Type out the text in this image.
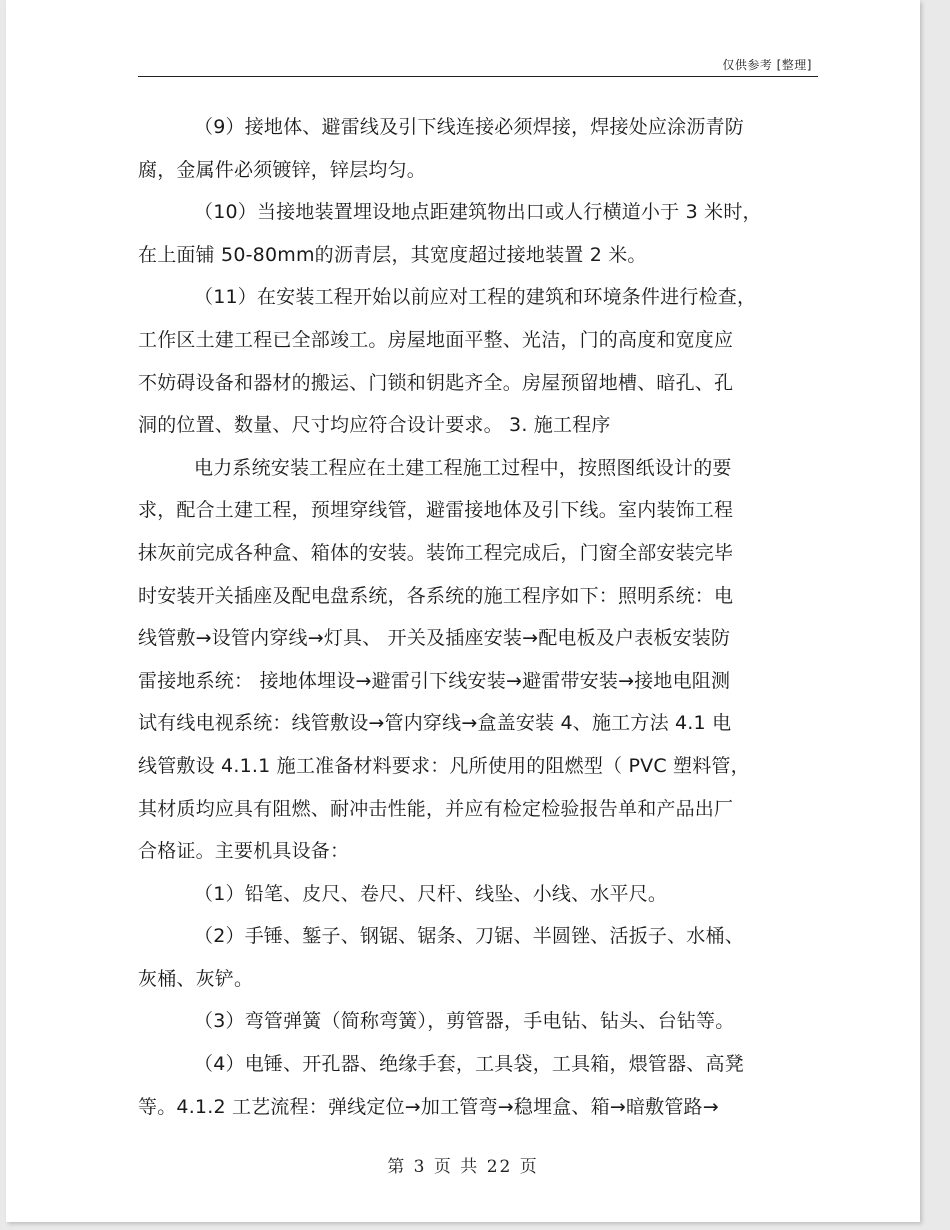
仅供参考 [整理]
（9）接地体、避雷线及引下线连接必须焊接，焊接处应涂沥青防
腐，金属件必须镀锌，锌层均匀。
（10）当接地装置埋设地点距建筑物出口或人行横道小于 3 米时，
在上面铺 50-80mm的沥青层，其宽度超过接地装置 2 米。
（11）在安装工程开始以前应对工程的建筑和环境条件进行检查，
工作区土建工程已全部竣工。房屋地面平整、光洁，门的高度和宽度应
不妨碍设备和器材的搬运、门锁和钥匙齐全。房屋预留地槽、暗孔、孔
洞的位置、数量、尺寸均应符合设计要求。 3. 施工程序
电力系统安装工程应在土建工程施工过程中，按照图纸设计的要
求，配合土建工程，预埋穿线管，避雷接地体及引下线。室内装饰工程
抹灰前完成各种盒、箱体的安装。装饰工程完成后，门窗全部安装完毕
时安装开关插座及配电盘系统，各系统的施工程序如下：照明系统：电
线管敷→设管内穿线→灯具、 开关及插座安装→配电板及户表板安装防
雷接地系统： 接地体埋设→避雷引下线安装→避雷带安装→接地电阻测
试有线电视系统：线管敷设→管内穿线→盒盖安装 4、施工方法 4.1 电
线管敷设 4.1.1 施工准备材料要求：凡所使用的阻燃型（ PVC 塑料管，
其材质均应具有阻燃、耐冲击性能，并应有检定检验报告单和产品出厂
合格证。主要机具设备：
（1）铅笔、皮尺、卷尺、尺杆、线坠、小线、水平尺。
（2）手锤、錾子、钢锯、锯条、刀锯、半圆锉、活扳子、水桶、
灰桶、灰铲。
（3）弯管弹簧（简称弯簧），剪管器，手电钻、钻头、台钻等。
（4）电锤、开孔器、绝缘手套，工具袋，工具箱，煨管器、高凳
等。4.1.2 工艺流程：弹线定位→加工管弯→稳埋盒、箱→暗敷管路→
第 3 页 共 22 页
